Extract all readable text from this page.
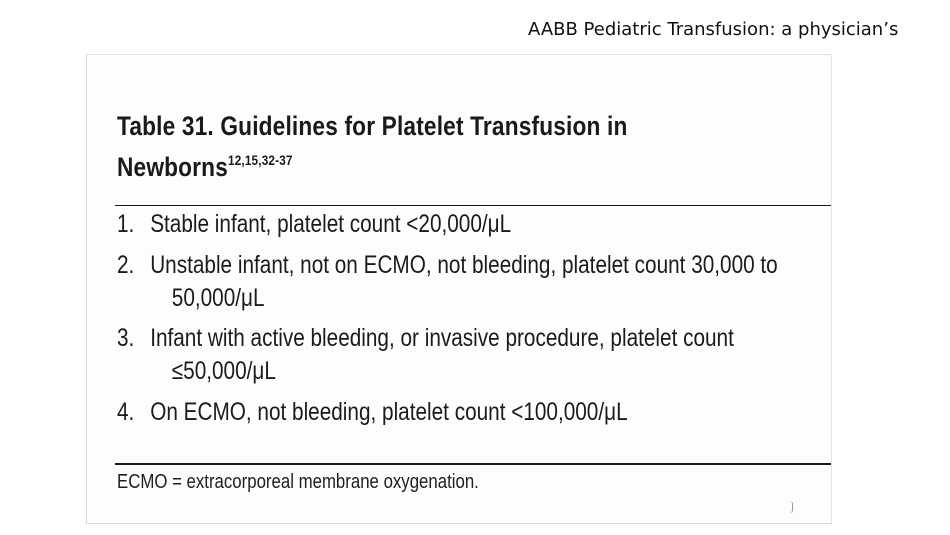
AABB Pediatric Transfusion: a physician’s
Table 31. Guidelines for Platelet Transfusion in
Newborns$^{12,15,32-37}$
1. Stable infant, platelet count <20,000/μL
2. Unstable infant, not on ECMO, not bleeding, platelet count 30,000 to
50,000/μL
3. Infant with active bleeding, or invasive procedure, platelet count
≤50,000/μL
4. On ECMO, not bleeding, platelet count <100,000/μL
ECMO = extracorporeal membrane oxygenation.
